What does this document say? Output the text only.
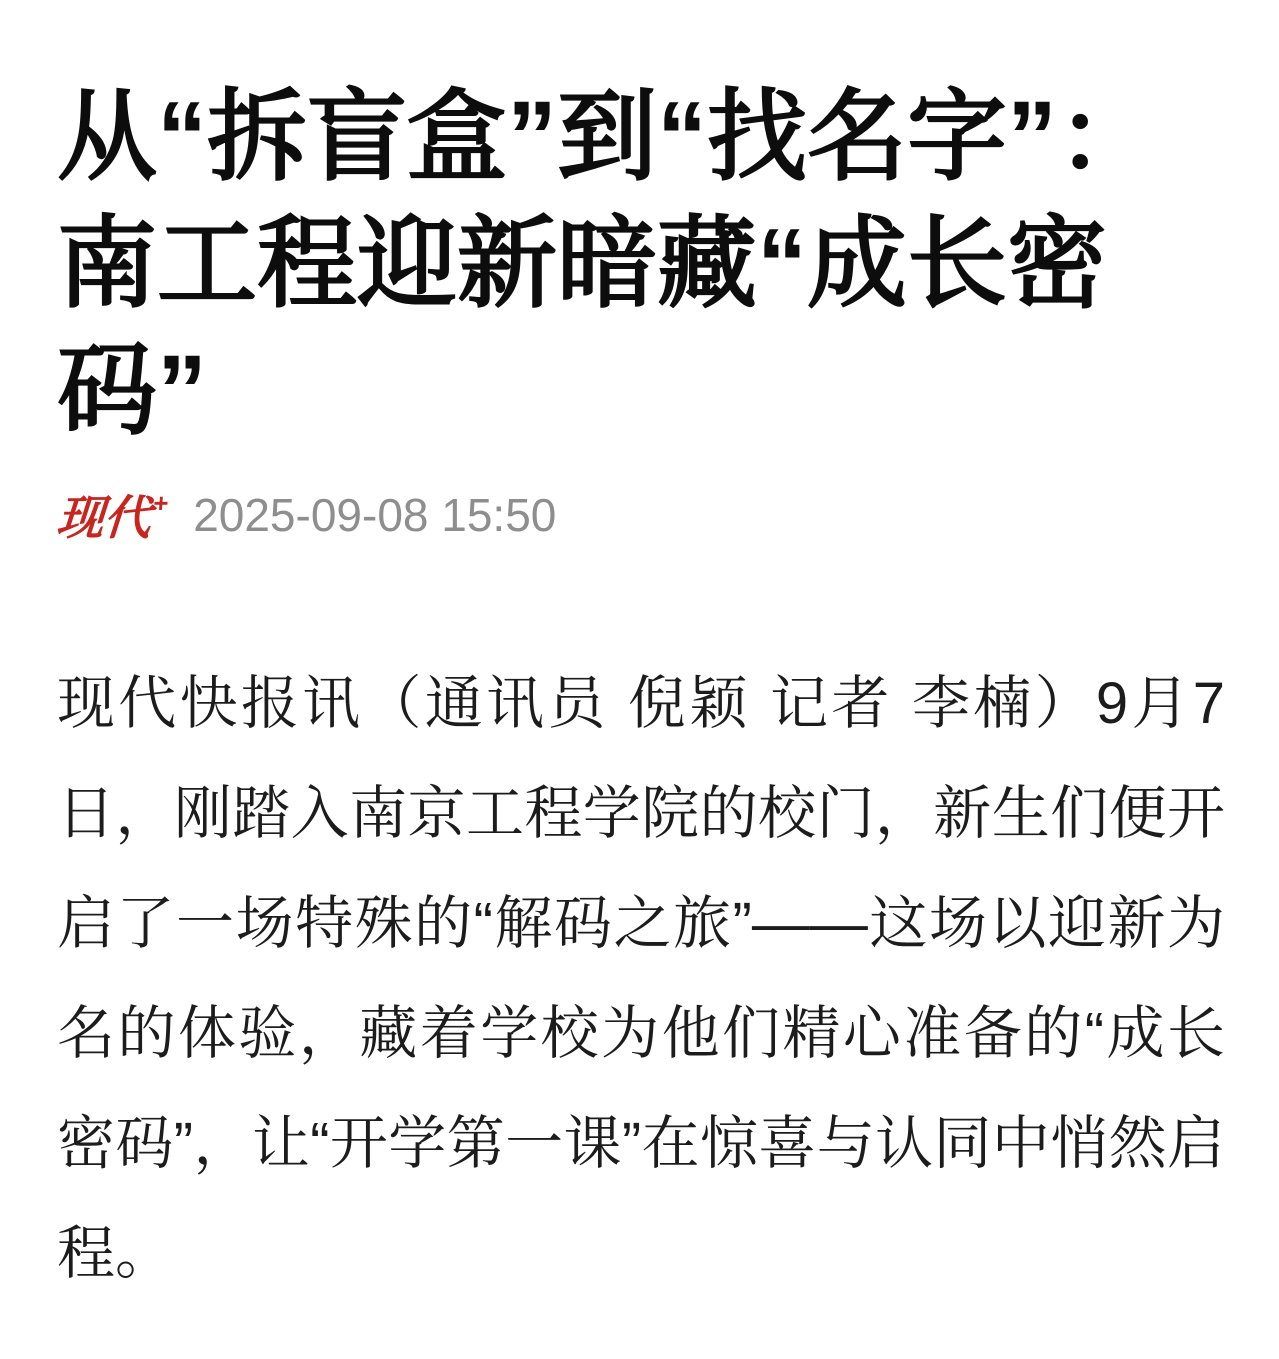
从“拆盲盒”到“找名字”：南工程迎新暗藏“成长密码”
现代+ 2025-09-08 15:50

现代快报讯（通讯员 倪颖 记者 李楠）9月7日，刚踏入南京工程学院的校门，新生们便开启了一场特殊的“解码之旅”——这场以迎新为名的体验，藏着学校为他们精心准备的“成长密码”，让“开学第一课”在惊喜与认同中悄然启程。
